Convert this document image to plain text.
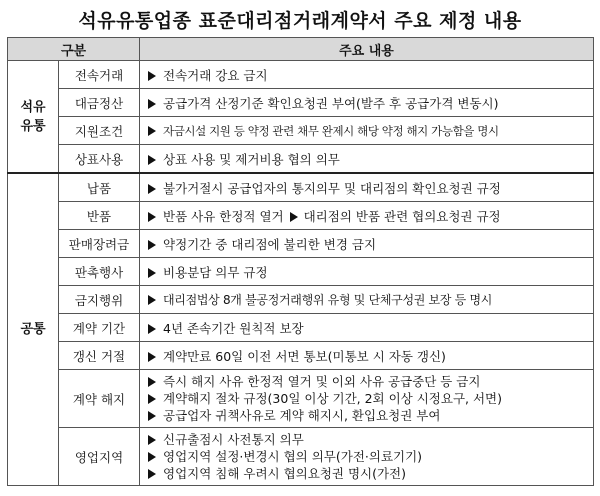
석유유통업종 표준대리점거래계약서 주요 제정 내용
구분		주요 내용

석유
유통	전속거래	전속거래 강요 금지
	대금정산	공급가격 산정기준 확인요청권 부여(발주 후 공급가격 변동시)
	지원조건	자금시설 지원 등 약정 관련 채무 완제시 해당 약정 해지 가능함을 명시
	상표사용	상표 사용 및 제거비용 협의 의무
공통	납품	불가거절시 공급업자의 통지의무 및 대리점의 확인요청권 규정
	반품	반품 사유 한정적 열거 대리점의 반품 관련 협의요청권 규정
	판매장려금	약정기간 중 대리점에 불리한 변경 금지
	판촉행사	비용분담 의무 규정
	금지행위	대리점법상 8개 불공정거래행위 유형 및 단체구성권 보장 등 명시
	계약 기간	4년 존속기간 원칙적 보장
	갱신 거절	계약만료 60일 이전 서면 통보(미통보 시 자동 갱신)
	계약 해지	즉시 해지 사유 한정적 열거 및 이외 사유 공급중단 등 금지
계약해지 절차 규정(30일 이상 기간, 2회 이상 시정요구, 서면)
공급업자 귀책사유로 계약 해지시, 환입요청권 부여

	영업지역	신규출점시 사전통지 의무
영업지역 설정·변경시 협의 의무(가전·의료기기)
영업지역 침해 우려시 협의요청권 명시(가전)
